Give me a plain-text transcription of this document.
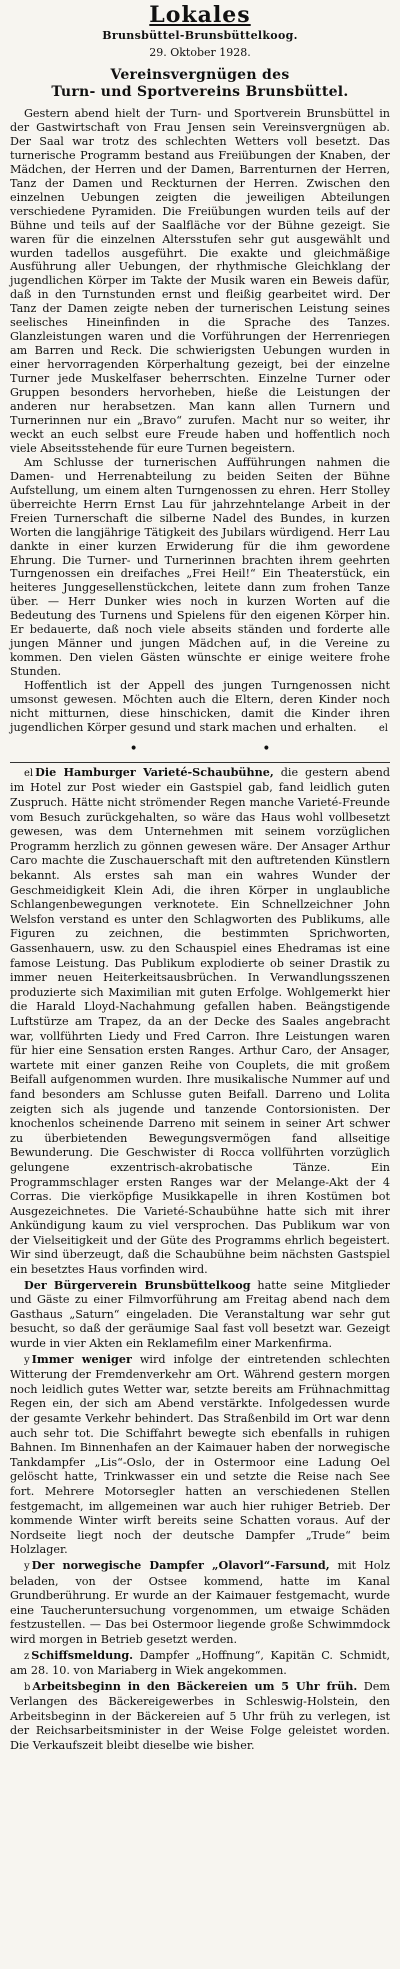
Lokales
Brunsbüttel-Brunsbüttelkoog.
29. Oktober 1928.
Vereinsvergnügen des
Turn- und Sportvereins Brunsbüttel.

Gestern abend hielt der Turn- und Sportverein Brunsbüttel in der Gastwirtschaft von Frau Jensen sein Vereinsvergnügen ab. Der Saal war trotz des schlechten Wetters voll besetzt. Das turnerische Programm bestand aus Freiübungen der Knaben, der Mädchen, der Herren und der Damen, Barrenturnen der Herren, Tanz der Damen und Reckturnen der Herren. Zwischen den einzelnen Uebungen zeigten die jeweiligen Abteilungen verschiedene Pyramiden. Die Freiübungen wurden teils auf der Bühne und teils auf der Saalfläche vor der Bühne gezeigt. Sie waren für die einzelnen Altersstufen sehr gut ausgewählt und wurden tadellos ausgeführt. Die exakte und gleichmäßige Ausführung aller Uebungen, der rhythmische Gleichklang der jugendlichen Körper im Takte der Musik waren ein Beweis dafür, daß in den Turnstunden ernst und fleißig gearbeitet wird. Der Tanz der Damen zeigte neben der turnerischen Leistung seines seelisches Hineinfinden in die Sprache des Tanzes. Glanzleistungen waren und die Vorführungen der Herrenriegen am Barren und Reck. Die schwierigsten Uebungen wurden in einer hervorragenden Körperhaltung gezeigt, bei der einzelne Turner jede Muskelfaser beherrschten. Einzelne Turner oder Gruppen besonders hervorheben, hieße die Leistungen der anderen nur herabsetzen. Man kann allen Turnern und Turnerinnen nur ein „Bravo“ zurufen. Macht nur so weiter, ihr weckt an euch selbst eure Freude haben und hoffentlich noch viele Abseitsstehende für eure Turnen begeistern.

Am Schlusse der turnerischen Aufführungen nahmen die Damen- und Herrenabteilung zu beiden Seiten der Bühne Aufstellung, um einem alten Turngenossen zu ehren. Herr Stolley überreichte Herrn Ernst Lau für jahrzehntelange Arbeit in der Freien Turnerschaft die silberne Nadel des Bundes, in kurzen Worten die langjährige Tätigkeit des Jubilars würdigend. Herr Lau dankte in einer kurzen Erwiderung für die ihm gewordene Ehrung. Die Turner- und Turnerinnen brachten ihrem geehrten Turngenossen ein dreifaches „Frei Heil!“ Ein Theaterstück, ein heiteres Junggesellenstückchen, leitete dann zum frohen Tanze über. — Herr Dunker wies noch in kurzen Worten auf die Bedeutung des Turnens und Spielens für den eigenen Körper hin. Er bedauerte, daß noch viele abseits ständen und forderte alle jungen Männer und jungen Mädchen auf, in die Vereine zu kommen. Den vielen Gästen wünschte er einige weitere frohe Stunden.

Hoffentlich ist der Appell des jungen Turngenossen nicht umsonst gewesen. Möchten auch die Eltern, deren Kinder noch nicht mitturnen, diese hinschicken, damit die Kinder ihren jugendlichen Körper gesund und stark machen und erhalten.	el
• •

el Die Hamburger Varieté-Schaubühne, die gestern abend im Hotel zur Post wieder ein Gastspiel gab, fand leidlich guten Zuspruch. Hätte nicht strömender Regen manche Varieté-Freunde vom Besuch zurückgehalten, so wäre das Haus wohl vollbesetzt gewesen, was dem Unternehmen mit seinem vorzüglichen Programm herzlich zu gönnen gewesen wäre. Der Ansager Arthur Caro machte die Zuschauerschaft mit den auftretenden Künstlern bekannt. Als erstes sah man ein wahres Wunder der Geschmeidigkeit Klein Adi, die ihren Körper in unglaubliche Schlangenbewegungen verknotete. Ein Schnellzeichner John Welsfon verstand es unter den Schlagworten des Publikums, alle Figuren zu zeichnen, die bestimmten Sprichworten, Gassenhauern, usw. zu den Schauspiel eines Ehedramas ist eine famose Leistung. Das Publikum explodierte ob seiner Drastik zu immer neuen Heiterkeitsausbrüchen. In Verwandlungsszenen produzierte sich Maximilian mit guten Erfolge. Wohlgemerkt hier die Harald Lloyd-Nachahmung gefallen haben. Beängstigende Luftstürze am Trapez, da an der Decke des Saales angebracht war, vollführten Liedy und Fred Carron. Ihre Leistungen waren für hier eine Sensation ersten Ranges. Arthur Caro, der Ansager, wartete mit einer ganzen Reihe von Couplets, die mit großem Beifall aufgenommen wurden. Ihre musikalische Nummer auf und fand besonders am Schlusse guten Beifall. Darreno und Lolita zeigten sich als jugende und tanzende Contorsionisten. Der knochenlos scheinende Darreno mit seinem in seiner Art schwer zu überbietenden Bewegungsvermögen fand allseitige Bewunderung. Die Geschwister di Rocca vollführten vorzüglich gelungene exzentrisch-akrobatische Tänze. Ein Programmschlager ersten Ranges war der Melange-Akt der 4 Corras. Die vierköpfige Musikkapelle in ihren Kostümen bot Ausgezeichnetes. Die Varieté-Schaubühne hatte sich mit ihrer Ankündigung kaum zu viel versprochen. Das Publikum war von der Vielseitigkeit und der Güte des Programms ehrlich begeistert. Wir sind überzeugt, daß die Schaubühne beim nächsten Gastspiel ein besetztes Haus vorfinden wird.

Der Bürgerverein Brunsbüttelkoog hatte seine Mitglieder und Gäste zu einer Filmvorführung am Freitag abend nach dem Gasthaus „Saturn“ eingeladen. Die Veranstaltung war sehr gut besucht, so daß der geräumige Saal fast voll besetzt war. Gezeigt wurde in vier Akten ein Reklamefilm einer Markenfirma.

y Immer weniger wird infolge der eintretenden schlechten Witterung der Fremdenverkehr am Ort. Während gestern morgen noch leidlich gutes Wetter war, setzte bereits am Frühnachmittag Regen ein, der sich am Abend verstärkte. Infolgedessen wurde der gesamte Verkehr behindert. Das Straßenbild im Ort war denn auch sehr tot. Die Schiffahrt bewegte sich ebenfalls in ruhigen Bahnen. Im Binnenhafen an der Kaimauer haben der norwegische Tankdampfer „Lis“-Oslo, der in Ostermoor eine Ladung Oel gelöscht hatte, Trinkwasser ein und setzte die Reise nach See fort. Mehrere Motorsegler hatten an verschiedenen Stellen festgemacht, im allgemeinen war auch hier ruhiger Betrieb. Der kommende Winter wirft bereits seine Schatten voraus. Auf der Nordseite liegt noch der deutsche Dampfer „Trude“ beim Holzlager.

y Der norwegische Dampfer „Olavorl“-Farsund, mit Holz beladen, von der Ostsee kommend, hatte im Kanal Grundberührung. Er wurde an der Kaimauer festgemacht, wurde eine Taucheruntersuchung vorgenommen, um etwaige Schäden festzustellen. — Das bei Ostermoor liegende große Schwimmdock wird morgen in Betrieb gesetzt werden.

z Schiffsmeldung. Dampfer „Hoffnung“, Kapitän C. Schmidt, am 28. 10. von Mariaberg in Wiek angekommen.

b Arbeitsbeginn in den Bäckereien um 5 Uhr früh. Dem Verlangen des Bäckereigewerbes in Schleswig-Holstein, den Arbeitsbeginn in der Bäckereien auf 5 Uhr früh zu verlegen, ist der Reichsarbeitsminister in der Weise Folge geleistet worden. Die Verkaufszeit bleibt dieselbe wie bisher.
